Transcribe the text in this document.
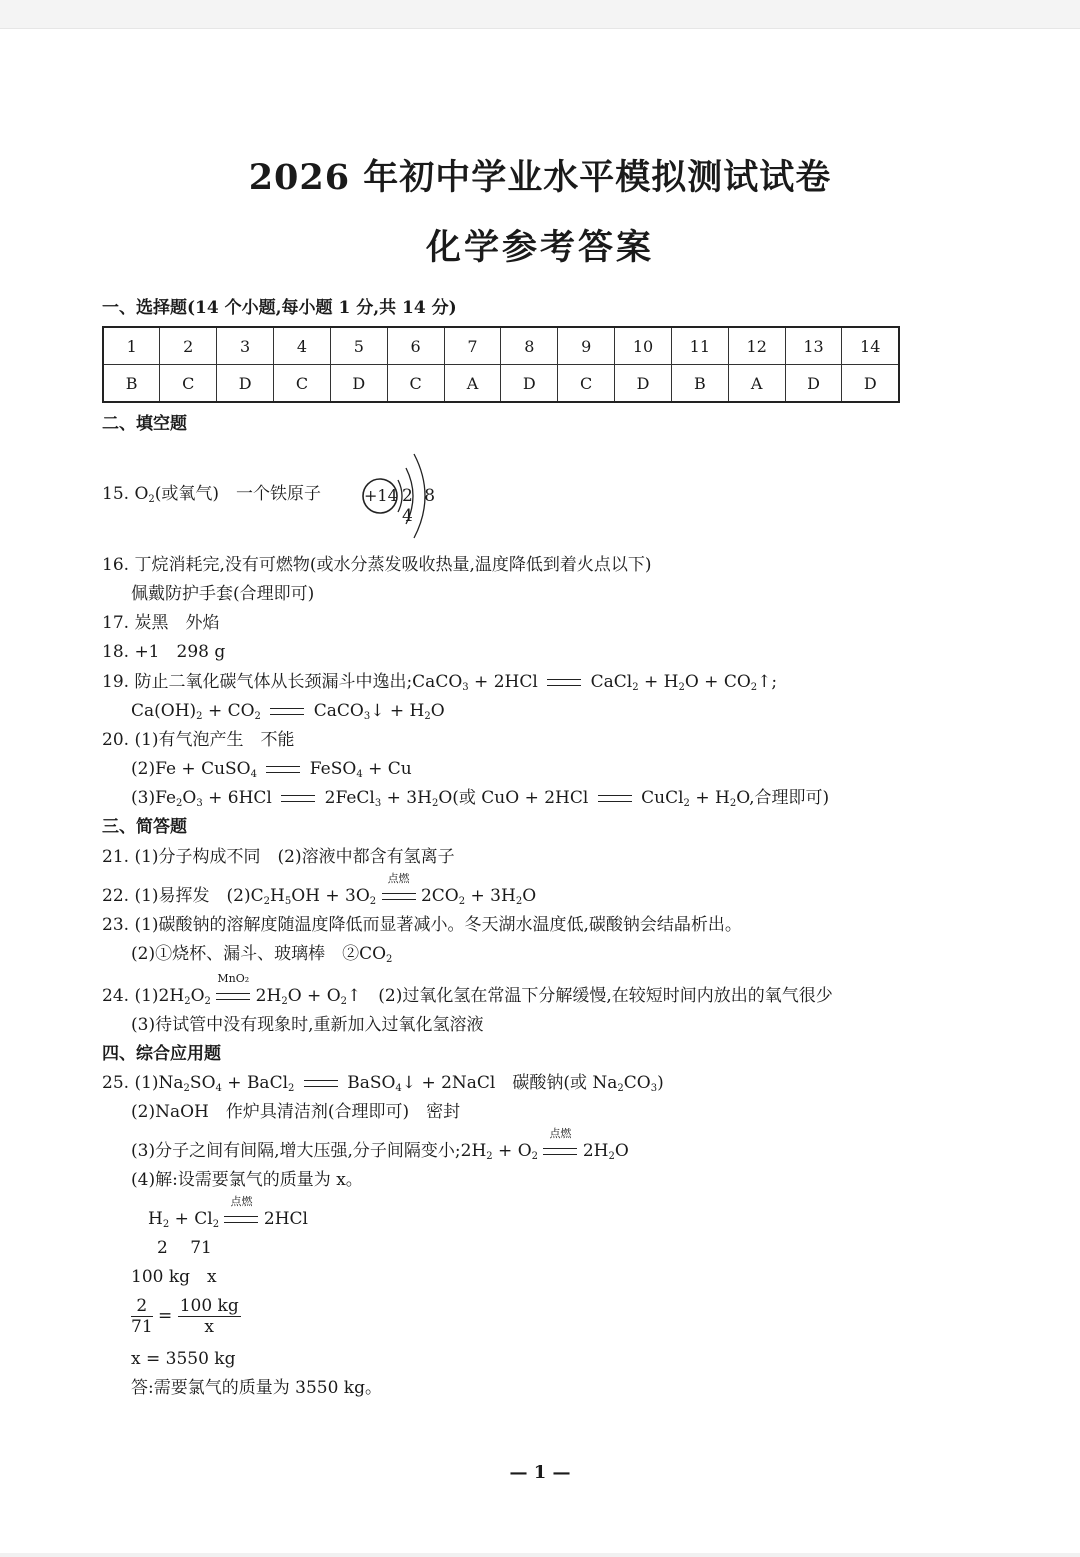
2026 年初中学业水平模拟测试试卷
化学参考答案
一、选择题(14 个小题,每小题 1 分,共 14 分)
1	2	3	4	5	6	7	8	9	10	11	12	13	14
B	C	D	C	D	C	A	D	C	D	B	A	D	D
二、填空题
15. $O_2$(或氧气)　一个铁原子	+14 2 8 4
16. 丁烷消耗完,没有可燃物(或水分蒸发吸收热量,温度降低到着火点以下)
佩戴防护手套(合理即可)
17. 炭黑　外焰
18. +1　298 g
19. 防止二氧化碳气体从长颈漏斗中逸出;CaCO$_3$ + 2HCl  CaCl$_2$ + $H_2O$ + $CO_2↑$;
$Ca(OH)_2 + CO_2$	CaCO$_3$↓ + $H_2O$
20. (1)有气泡产生　不能
(2)Fe + CuSO$_4$	FeSO$_4$ + Cu
$(3)Fe_2O_3 + 6HCl$  2FeCl$_3$ + $3H_2O$(或 CuO + 2HCl  CuCl$_2$ + $H_2O$,合理即可)
三、简答题
21. (1)分子构成不同　(2)溶液中都含有氢离子
22. (1)易挥发　$(2)C_2H_5OH + 3O_2$
点燃
$2CO_2 + 3H_2O$
23. (1)碳酸钠的溶解度随温度降低而显著减小。冬天湖水温度低,碳酸钠会结晶析出。
(2)①烧杯、漏斗、玻璃棒　$②CO_2$
24. $(1)2H_2O_2$
MnO₂
$2H_2O$ + $O_2↑$　(2)过氧化氢在常温下分解缓慢,在较短时间内放出的氧气很少
(3)待试管中没有现象时,重新加入过氧化氢溶液
四、综合应用题
25. $(1)Na_2SO_4$ + BaCl$_2$	BaSO$_4$↓ + 2NaCl　碳酸钠(或 $Na_2CO_3$)
(2)NaOH　作炉具清洁剂(合理即可)　密封
(3)分子之间有间隔,增大压强,分子间隔变小$;2H_2 + O_2$
点燃
$2H_2O$
(4)解:设需要氯气的质量为 x。
$H_2 + Cl_2$
点燃
2HCl
2　 71
100 kg　x
$\frac{2}{71} = \frac{100 kg}{x}$
x = 3550 kg
答:需要氯气的质量为 3550 kg。
— 1 —
